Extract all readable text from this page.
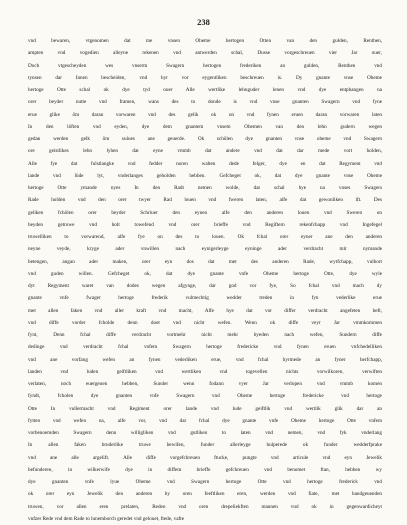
238
vnd bewaren, vtgenomen dat me vnsen Oheme hertogen Otten van den gulden, Renthen,
ampten vnd vogedien alleyne rekenen vnd antwerden schal, Dusse vorgeschreuen vier Jar ouer,
Doch vtgescheyden wes vnserm Swagern hertogen frederiken an gulden, Renthen vnd
tynsen dar Innen bescheiden, vnd hyr vor eygentliken beschreuen is. Dy gnante vnse Oheme
hertoge Otte schal ok dye tyd ouer Alle wertlike lehnguder lenen vnd dye entphangen na
orer beyder nutte vnd framen, wans des to donde is vnd vnse gnanten Swagern vnd fyne
erue glike öm daran vorwaren vnd des gelik ok on vnd fynen eruen daran vorwaren laten
In den löften vnd eyden, dye dem gnantem vnsem Ohemen van den lehn gudern wegen
gedan werden gelk öm sulues ane geuerde. Ok schölen dye gnanten vnse oheme vnd Swagern
ore geistlikes lehn lyhen dat eyne vmmb dat andere vnd dat dar mede vort holden,
Alle fye dat fulstlangke vnd fedder noren walten dede felger, dye en dat Regyment vnd
lande vnd lüde lyt, vnderlanges geholden hebben. Gefcheget ok, dat dye gnante vnse Oheme
hertoge Otte ymande nyes In den Radt nemen wolde, dat schal hye na vnses Swagers
Rade holden vnd den orer twyer Rad louen vnd fweren laten, alfe dat gewonliken ift. Des
geliken fchölen orer beyder Schriuer den eynen alfe den anderen louen vnd Sweren on
beyden getruwe vnd holt towefend vnd orer brieffe vnd Regiftern rekenfchapp vnd Ingefegel
truwelliken to vorwarend, alfe fye on des to louen. Ok fchal orer eyner ane den anderen
neyne veyde, kryge ader vnwillen nach eynigerleyge eyninge ader verdracht mit nymande
betengen, angan ader maken, orer eyn dos dat met des anderen Rade, wytfchapp, vulbort
vnd guden willen. Gefcheget ok, dat dye gnante vnfe Oheme hertoge Otte, dye wyle
dyt Regyment waret van dodes wegen afgynge, dar god vor fye, So fchal vnd mach dy
gnante vnfe fwager hertoge frederik vulmechtig wedder treden in fyn vederlike erue
met allen faken vnd aller kraft vnd macht, Alfe hye dat vor differ verdracht angefeten heft,
vnd diffe vorder fcholde denn doet vnd nicht wefen. Wenn ok diffe veyr Jar vmmkommen
fynt, Denn fchal diffe verdracht vortmehr nicht mehr byeden nach wefen, Sundern diffe
dedinge vnd verdracht fchal vnfem Swagern hertoge fredericke vnd fynen eruen vnfchedelliken
vnd ane vorfang wefen an fynen vederliken erue, vnd fchal hyrmede an fyner herfchapp,
landen vnd luden geiftliken vnd wertliken vnd togevellen nichts vorwilkoren, verwiften
verlaten, noch euergeuen hebben, Sunder wenn fodann vyer Jar verlopen vnd vmmb komen
fyndt, fcholen dye gnanten vnfe Swagern vnd Oheme hertoge fredericke vnd hertoge
Otte In vullermacht vnd Regiment orer lande vnd lude geiftlik vnd wertlik glik dar an
fytten vnd wefen na, alfe vor, vnd dar fchal dye gnante vnfe Oheme hertoge Otte vnfem
vorbenoemden Swagern denn willigliken vnd gutliken to laten vnd nemen, vnd fyk vnderlang
In allen faken bruderlike truwe bewifen, funder allerleyge hulperede ok funder wedderfprake
vnd ane alle argelift. Alle diffe vorgefchreuen ftucke, pungte vnd articule vnd eyn Jewelik
befunderen, in wilkerwife dye in diffem brieffe gefchreuen vnd benomet ftan, hebben wy
dye gnanten vnfe lyue Oheme vnd Swagern hertoge Otte vnd hertoge frederick vnd
ok orer eyn Jewelik den anderen by oren feeftliken eren, werden vnd fiate, met handgeuenden
truwen, vor allen eren prelaten, Reden vnd oren drepeliekften mannen vnd ok in gegenwardicheyt
vnfzer Rede vnd dem Rade to lunemborch geredet vnd gelouet, ftede, vafte
